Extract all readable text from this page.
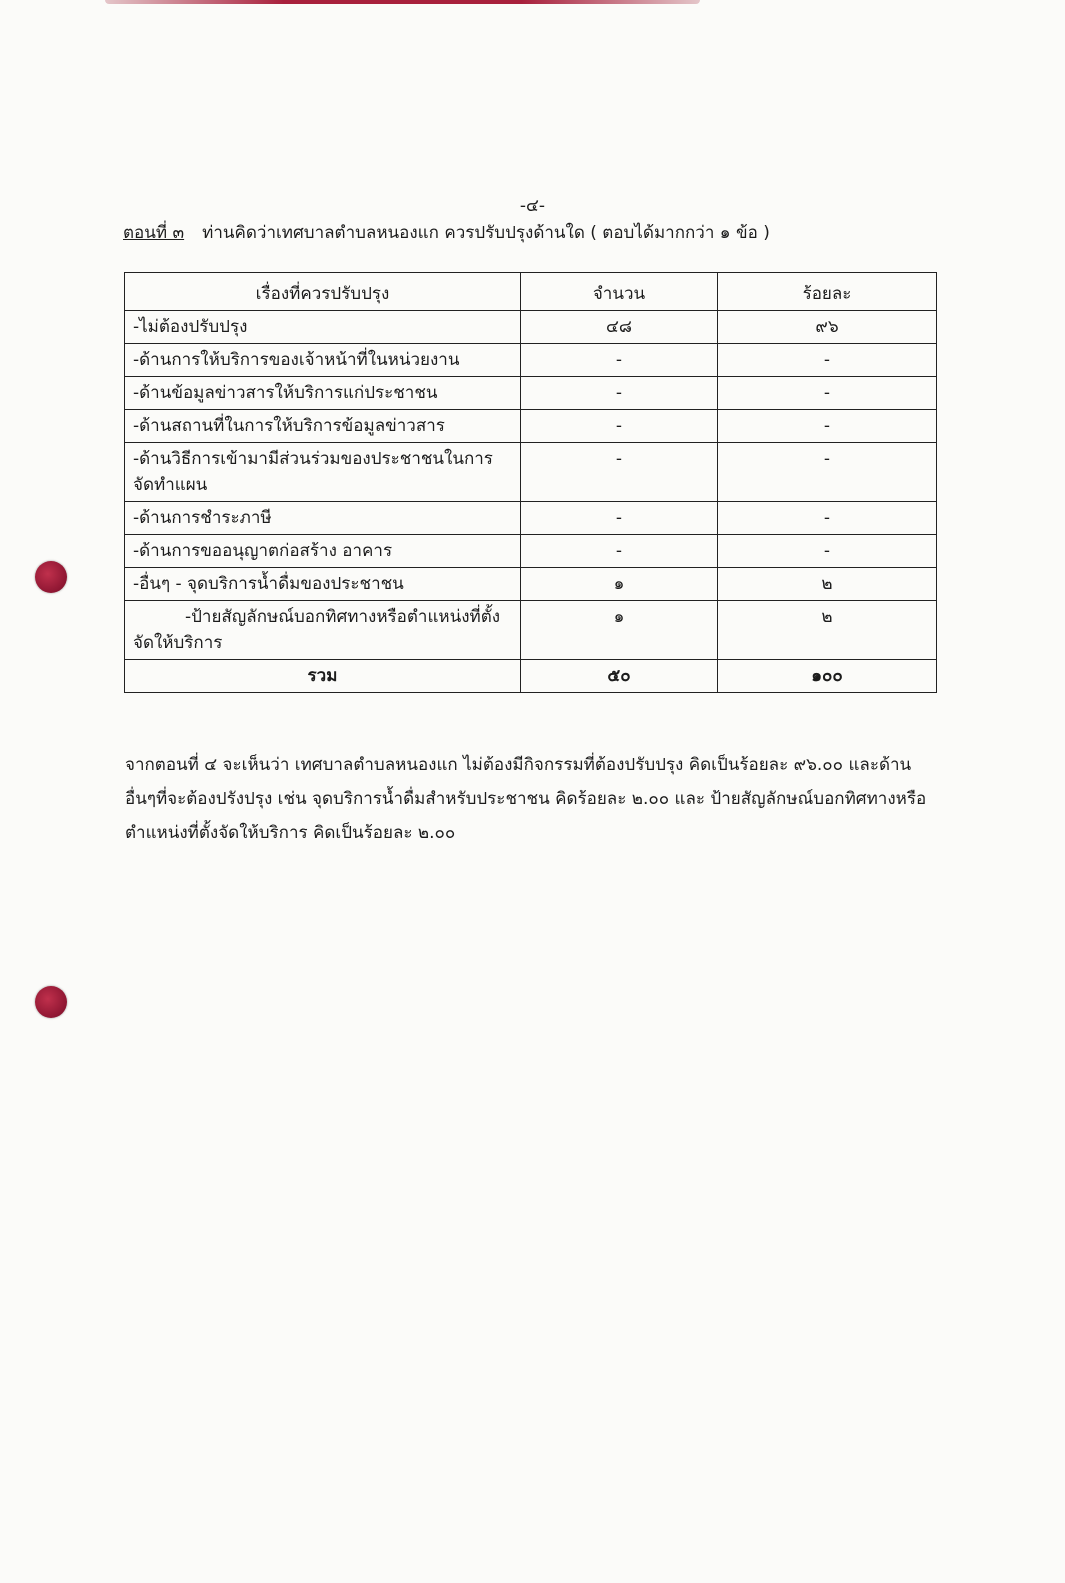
-๔-
ตอนที่ ๓ ท่านคิดว่าเทศบาลตำบลหนองแก ควรปรับปรุงด้านใด ( ตอบได้มากกว่า ๑ ข้อ )
เรื่องที่ควรปรับปรุง	จำนวน	ร้อยละ
-ไม่ต้องปรับปรุง	๔๘	๙๖
-ด้านการให้บริการของเจ้าหน้าที่ในหน่วยงาน	-	-
-ด้านข้อมูลข่าวสารให้บริการแก่ประชาชน	-	-
-ด้านสถานที่ในการให้บริการข้อมูลข่าวสาร	-	-
-ด้านวิธีการเข้ามามีส่วนร่วมของประชาชนในการ
จัดทำแผน	-	-
-ด้านการชำระภาษี	-	-
-ด้านการขออนุญาตก่อสร้าง อาคาร	-	-
-อื่นๆ - จุดบริการน้ำดื่มของประชาชน	๑	๒
-ป้ายสัญลักษณ์บอกทิศทางหรือตำแหน่งที่ตั้ง
จัดให้บริการ	๑	๒
รวม	๕๐	๑๐๐
จากตอนที่ ๔ จะเห็นว่า เทศบาลตำบลหนองแก ไม่ต้องมีกิจกรรมที่ต้องปรับปรุง คิดเป็นร้อยละ ๙๖.๐๐ และด้านอื่นๆที่จะต้องปรังปรุง เช่น จุดบริการน้ำดื่มสำหรับประชาชน คิดร้อยละ ๒.๐๐ และ ป้ายสัญลักษณ์บอกทิศทางหรือตำแหน่งที่ตั้งจัดให้บริการ คิดเป็นร้อยละ ๒.๐๐
